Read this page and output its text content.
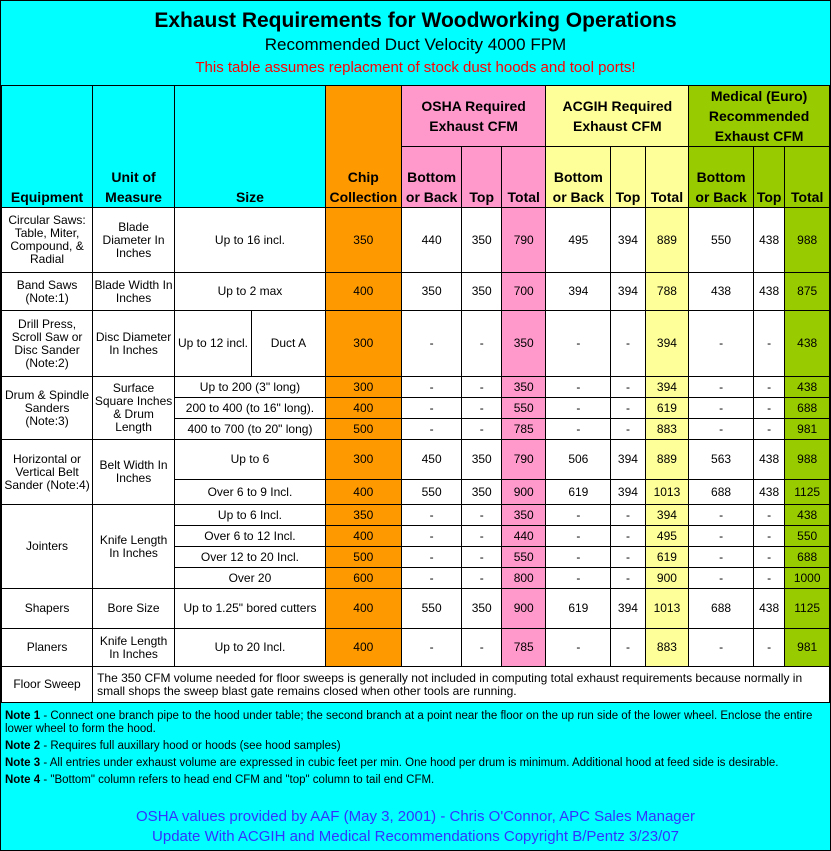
Exhaust Requirements for Woodworking Operations
Recommended Duct Velocity 4000 FPM
This table assumes replacment of stock dust hoods and tool ports!
Equipment	Unit of Measure	Size		Chip Collection	OSHA Required Exhaust CFM			ACGIH Required Exhaust CFM			Medical (Euro) Recommended Exhaust CFM		
					Bottom or Back	Top	Total	Bottom or Back	Top	Total	Bottom or Back	Top	Total
Circular Saws: Table, Miter, Compound, & Radial	Blade Diameter In Inches	Up to 16 incl.		350	440	350	790	495	394	889	550	438	988
Band Saws (Note:1)	Blade Width In Inches	Up to 2 max		400	350	350	700	394	394	788	438	438	875
Drill Press, Scroll Saw or Disc Sander (Note:2)	Disc Diameter In Inches	Up to 12 incl.	Duct A	300	-	-	350	-	-	394	-	-	438
Drum & Spindle Sanders (Note:3)	Surface Square Inches & Drum Length	Up to 200 (3" long)		300	-	-	350	-	-	394	-	-	438
		200 to 400 (to 16" long).		400	-	-	550	-	-	619	-	-	688
		400 to 700 (to 20" long)		500	-	-	785	-	-	883	-	-	981
Horizontal or Vertical Belt Sander (Note:4)	Belt Width In Inches	Up to 6		300	450	350	790	506	394	889	563	438	988
		Over 6 to 9 Incl.		400	550	350	900	619	394	1013	688	438	1125
Jointers	Knife Length In Inches	Up to 6 Incl.		350	-	-	350	-	-	394	-	-	438
		Over 6 to 12 Incl.		400	-	-	440	-	-	495	-	-	550
		Over 12 to 20 Incl.		500	-	-	550	-	-	619	-	-	688
		Over 20		600	-	-	800	-	-	900	-	-	1000
Shapers	Bore Size	Up to 1.25" bored cutters		400	550	350	900	619	394	1013	688	438	1125
Planers	Knife Length In Inches	Up to 20 Incl.		400	-	-	785	-	-	883	-	-	981
Floor Sweep	The 350 CFM volume needed for floor sweeps is generally not included in computing total exhaust requirements because normally in small shops the sweep blast gate remains closed when other tools are running.												

Note 1 - Connect one branch pipe to the hood under table; the second branch at a point near the floor on the up run side of the lower wheel. Enclose the entire lower wheel to form the hood.

Note 2 - Requires full auxillary hood or hoods (see hood samples)

Note 3 - All entries under exhaust volume are expressed in cubic feet per min. One hood per drum is minimum. Additional hood at feed side is desirable.

Note 4 - "Bottom" column refers to head end CFM and "top" column to tail end CFM.

OSHA values provided by AAF (May 3, 2001) - Chris O'Connor, APC Sales Manager
Update With ACGIH and Medical Recommendations Copyright B/Pentz 3/23/07
